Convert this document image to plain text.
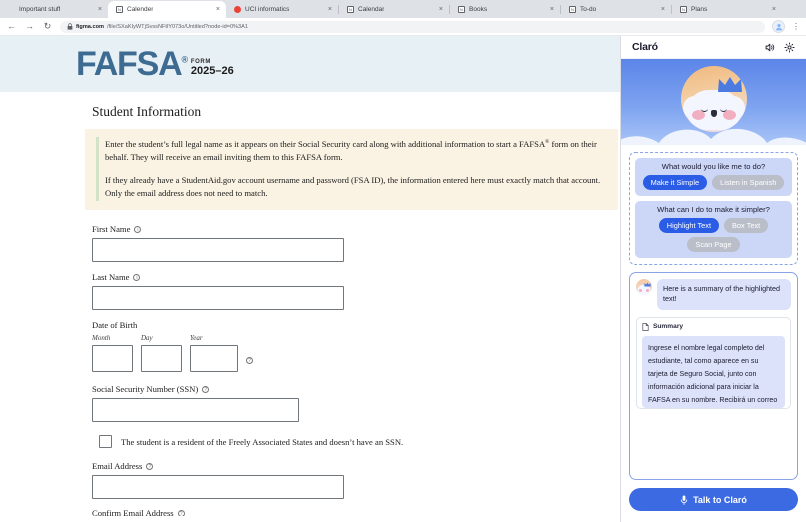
Important stuff	×	N Calender	×	UCI informatics	×	N Calendar	×	N Books	×	N To-do	×	N Plans	×
← → ↻	figma.com /file/SXaKIyWTjSvssNFtlY073o/Untitled?node-id=0%3A1	⋮
FAFSA® FORM
2025–26
Student Information
Enter the student’s full legal name as it appears on their Social Security card along with additional information to start a FAFSA® form on their behalf. They will receive an email inviting them to this FAFSA form.
If they already have a StudentAid.gov account username and password (FSA ID), the information entered here must exactly match that account. Only the email address does not need to match.
First Name	i
Last Name	i
Date of Birth
Month	Day	Year
?
Social Security Number (SSN)	?
The student is a resident of the Freely Associated States and doesn’t have an SSN.
Email Address	?
Confirm Email Address	?
Claró
What would you like me to do?
Make it Simple	Listen in Spanish
What can I do to make it simpler?
Highlight Text	Box Text
Scan Page
Here is a summary of the highlighted text!
Summary
Ingrese el nombre legal completo del estudiante, tal como aparece en su tarjeta de Seguro Social, junto con información adicional para iniciar la FAFSA en su nombre. Recibirá un correo
Talk to Claró
